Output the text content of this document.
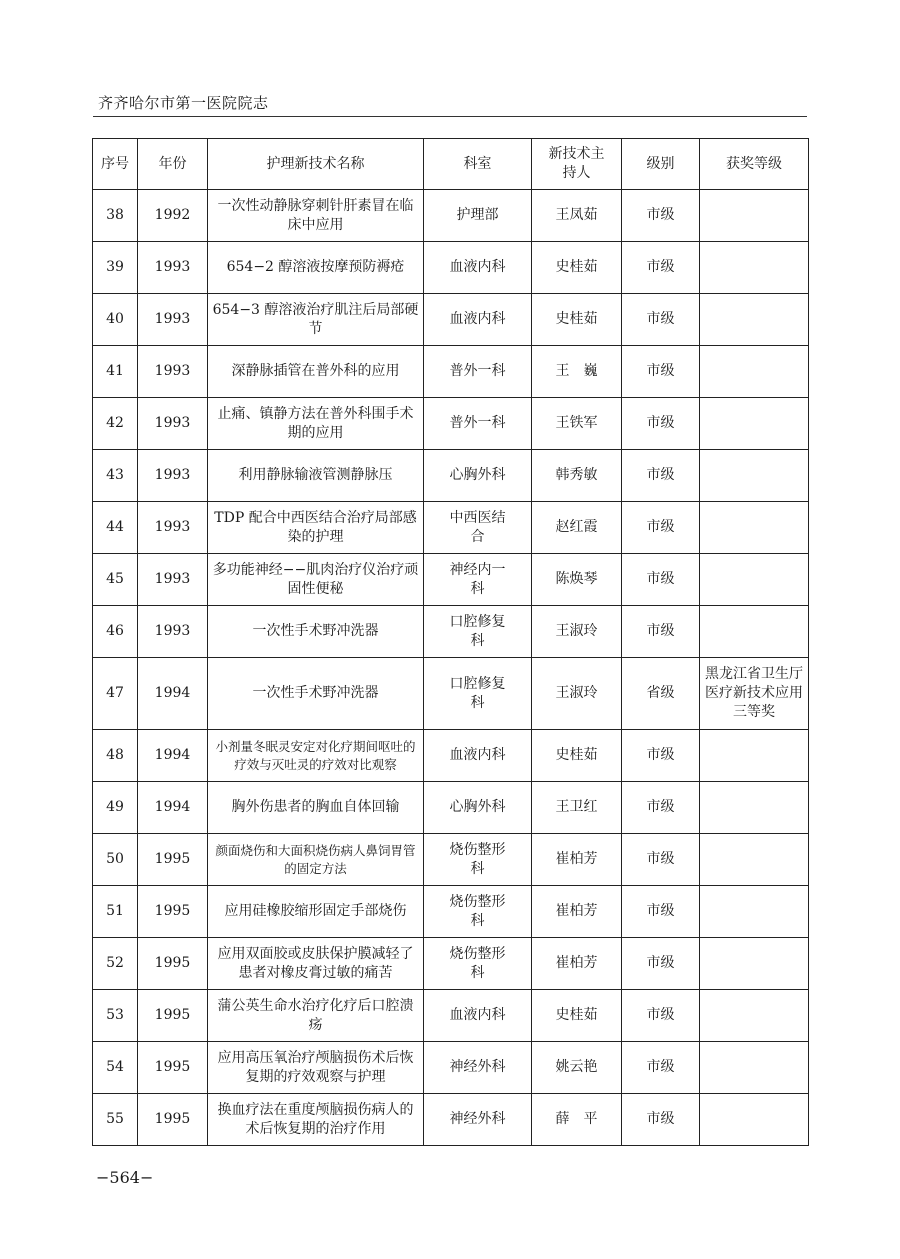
齐齐哈尔市第一医院院志
序号	年份	护理新技术名称	科室	新技术主持人	级别	获奖等级
38	1992	一次性动静脉穿刺针肝素冒在临床中应用	护理部	王凤茹	市级	
39	1993	654−2 醇溶液按摩预防褥疮	血液内科	史桂茹	市级	
40	1993	654−3 醇溶液治疗肌注后局部硬节	血液内科	史桂茹	市级	
41	1993	深静脉插管在普外科的应用	普外一科	王　巍	市级	
42	1993	止痛、镇静方法在普外科围手术期的应用	普外一科	王铁军	市级	
43	1993	利用静脉输液管测静脉压	心胸外科	韩秀敏	市级	
44	1993	TDP 配合中西医结合治疗局部感染的护理	中西医结合	赵红霞	市级	
45	1993	多功能神经−−肌肉治疗仪治疗顽固性便秘	神经内一科	陈焕琴	市级	
46	1993	一次性手术野冲洗器	口腔修复科	王淑玲	市级	
47	1994	一次性手术野冲洗器	口腔修复科	王淑玲	省级	黑龙江省卫生厅医疗新技术应用三等奖
48	1994	小剂量冬眠灵安定对化疗期间呕吐的疗效与灭吐灵的疗效对比观察	血液内科	史桂茹	市级	
49	1994	胸外伤患者的胸血自体回输	心胸外科	王卫红	市级	
50	1995	颜面烧伤和大面积烧伤病人鼻饲胃管的固定方法	烧伤整形科	崔柏芳	市级	
51	1995	应用硅橡胶缩形固定手部烧伤	烧伤整形科	崔柏芳	市级	
52	1995	应用双面胶或皮肤保护膜减轻了患者对橡皮膏过敏的痛苦	烧伤整形科	崔柏芳	市级	
53	1995	蒲公英生命水治疗化疗后口腔溃疡	血液内科	史桂茹	市级	
54	1995	应用高压氧治疗颅脑损伤术后恢复期的疗效观察与护理	神经外科	姚云艳	市级	
55	1995	换血疗法在重度颅脑损伤病人的术后恢复期的治疗作用	神经外科	薛　平	市级	
−564−
